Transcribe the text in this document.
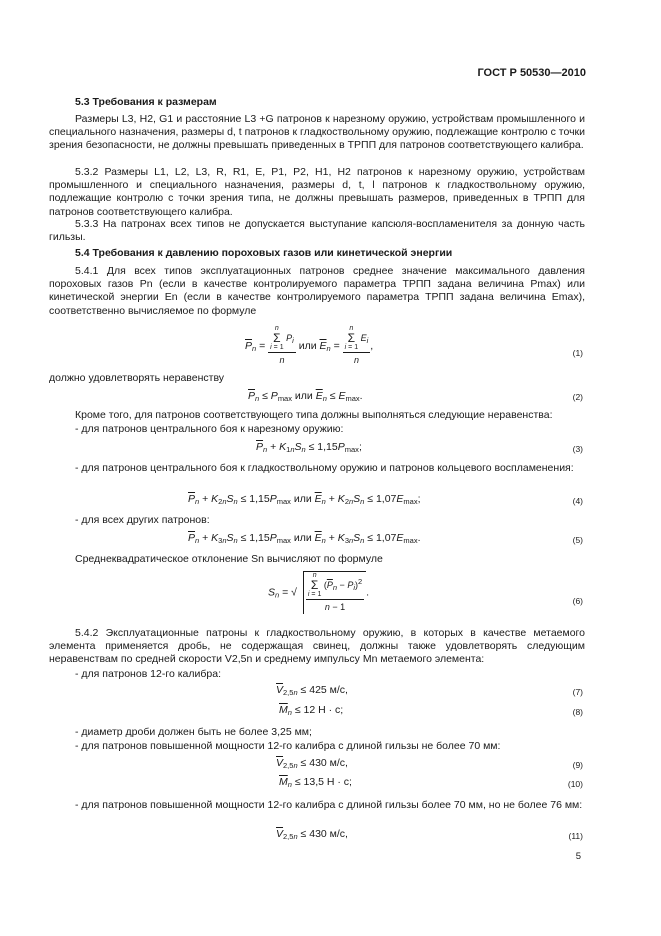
ГОСТ Р 50530—2010
5.3 Требования к размерам
Размеры L3, H2, G1 и расстояние L3 +G патронов к нарезному оружию, устройствам промышленного и специального назначения, размеры d, t патронов к гладкоствольному оружию, подлежащие контролю с точки зрения безопасности, не должны превышать приведенных в ТРПП для патронов соответствующего калибра.
5.3.2 Размеры L1, L2, L3, R, R1, E, P1, P2, H1, H2 патронов к нарезному оружию, устройствам промышленного и специального назначения, размеры d, t, l патронов к гладкоствольному оружию, подлежащие контролю с точки зрения типа, не должны превышать размеров, приведенных в ТРПП для патронов соответствующего калибра.
5.3.3 На патронах всех типов не допускается выступание капсюля-воспламенителя за донную часть гильзы.
5.4 Требования к давлению пороховых газов или кинетической энергии
5.4.1 Для всех типов эксплуатационных патронов среднее значение максимального давления пороховых газов Pn (если в качестве контролируемого параметра ТРПП задана величина Pmax) или кинетической энергии En (если в качестве контролируемого параметра ТРПП задана величина Emax), соответственно вычисляемое по формуле
$\overline{P}_n = n$
Σ
i = 1 $P_i$
n или $\overline{E}_n = n$
Σ
i = 1 $E_i$
n ,
(1)
должно удовлетворять неравенству
$\overline{P}_n \le P_{max}$ или $\overline{E}_n \le E_{max}$.	(2)
Кроме того, для патронов соответствующего типа должны выполняться следующие неравенства:
- для патронов центрального боя к нарезному оружию:
$\overline{P}_n + K_{1n}S_n \le 1,15P_{max}$;	(3)
- для патронов центрального боя к гладкоствольному оружию и патронов кольцевого воспламенения:
$\overline{P}_n + K_{2n}S_n \le 1,15P_{max}$ или $\overline{E}_n + K_{2n}S_n \le 1,07E_{max}$;	(4)
- для всех других патронов:
$\overline{P}_n + K_{3n}S_n \le 1,15P_{max}$ или $\overline{E}_n + K_{3n}S_n \le 1,07E_{max}$.	(5)
Среднеквадратическое отклонение Sn вычисляют по формуле
$S_n$ = √ n
Σ
i = 1 $(\overline{P}_n - P_i)^2$
n − 1 .
(6)
5.4.2 Эксплуатационные патроны к гладкоствольному оружию, в которых в качестве метаемого элемента применяется дробь, не содержащая свинец, должны также удовлетворять следующим неравенствам по средней скорости V2,5n и среднему импульсу Mn метаемого элемента:
- для патронов 12-го калибра:
$\overline{V}_{2,5n} \le 425$ м/с,	(7)
$\overline{M}_n \le 12$ Н · с;	(8)
- диаметр дроби должен быть не более 3,25 мм;
- для патронов повышенной мощности 12-го калибра с длиной гильзы не более 70 мм:
$\overline{V}_{2,5n} \le 430$ м/с,	(9)
$\overline{M}_n \le 13,5$ Н · с;	(10)
- для патронов повышенной мощности 12-го калибра с длиной гильзы более 70 мм, но не более 76 мм:
$\overline{V}_{2,5n} \le 430$ м/с,	(11)
5
